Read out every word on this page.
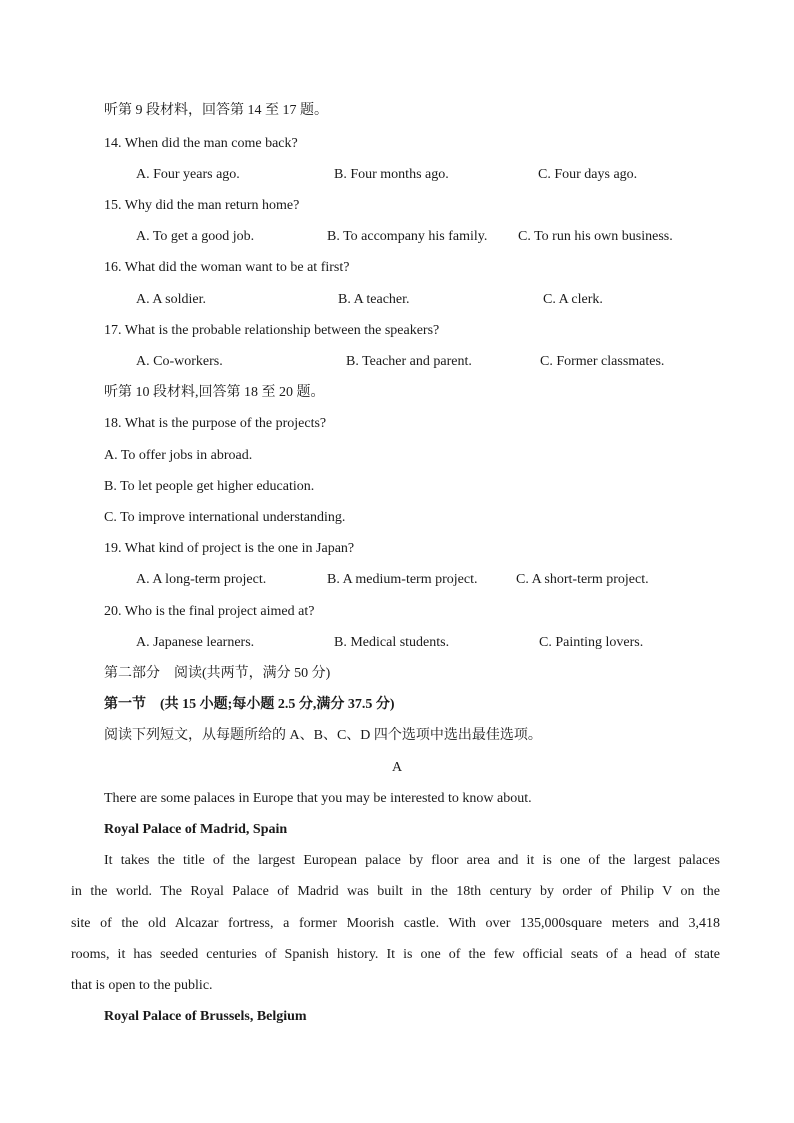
听第 9 段材料，回答第 14 至 17 题。
14. When did the man come back?
A. Four years ago.	B. Four months ago.	C. Four days ago.
15. Why did the man return home?
A. To get a good job.	B. To accompany his family. C. To run his own business.
16. What did the woman want to be at first?
A. A soldier.	B. A teacher.	C. A clerk.
17. What is the probable relationship between the speakers?
A. Co-workers.	B. Teacher and parent.	C. Former classmates.
听第 10 段材料,回答第 18 至 20 题。
18. What is the purpose of the projects?
A. To offer jobs in abroad.
B. To let people get higher education.
C. To improve international understanding.
19. What kind of project is the one in Japan?
A. A long-term project.	B. A medium-term project.	C. A short-term project.
20. Who is the final project aimed at?
A. Japanese learners.	B. Medical students.	C. Painting lovers.
第二部分　阅读(共两节，满分 50 分)
第一节　(共 15 小题;每小题 2.5 分,满分 37.5 分)
阅读下列短文，从每题所给的 A、B、C、D 四个选项中选出最佳选项。
A
There are some palaces in Europe that you may be interested to know about.
Royal Palace of Madrid, Spain
It takes the title of the largest European palace by floor area and it is one of the largest palaces
in the world. The Royal Palace of Madrid was built in the 18th century by order of Philip V on the
site of the old Alcazar fortress, a former Moorish castle. With over 135,000square meters and 3,418
rooms, it has seeded centuries of Spanish history. It is one of the few official seats of a head of state
that is open to the public.
Royal Palace of Brussels, Belgium
